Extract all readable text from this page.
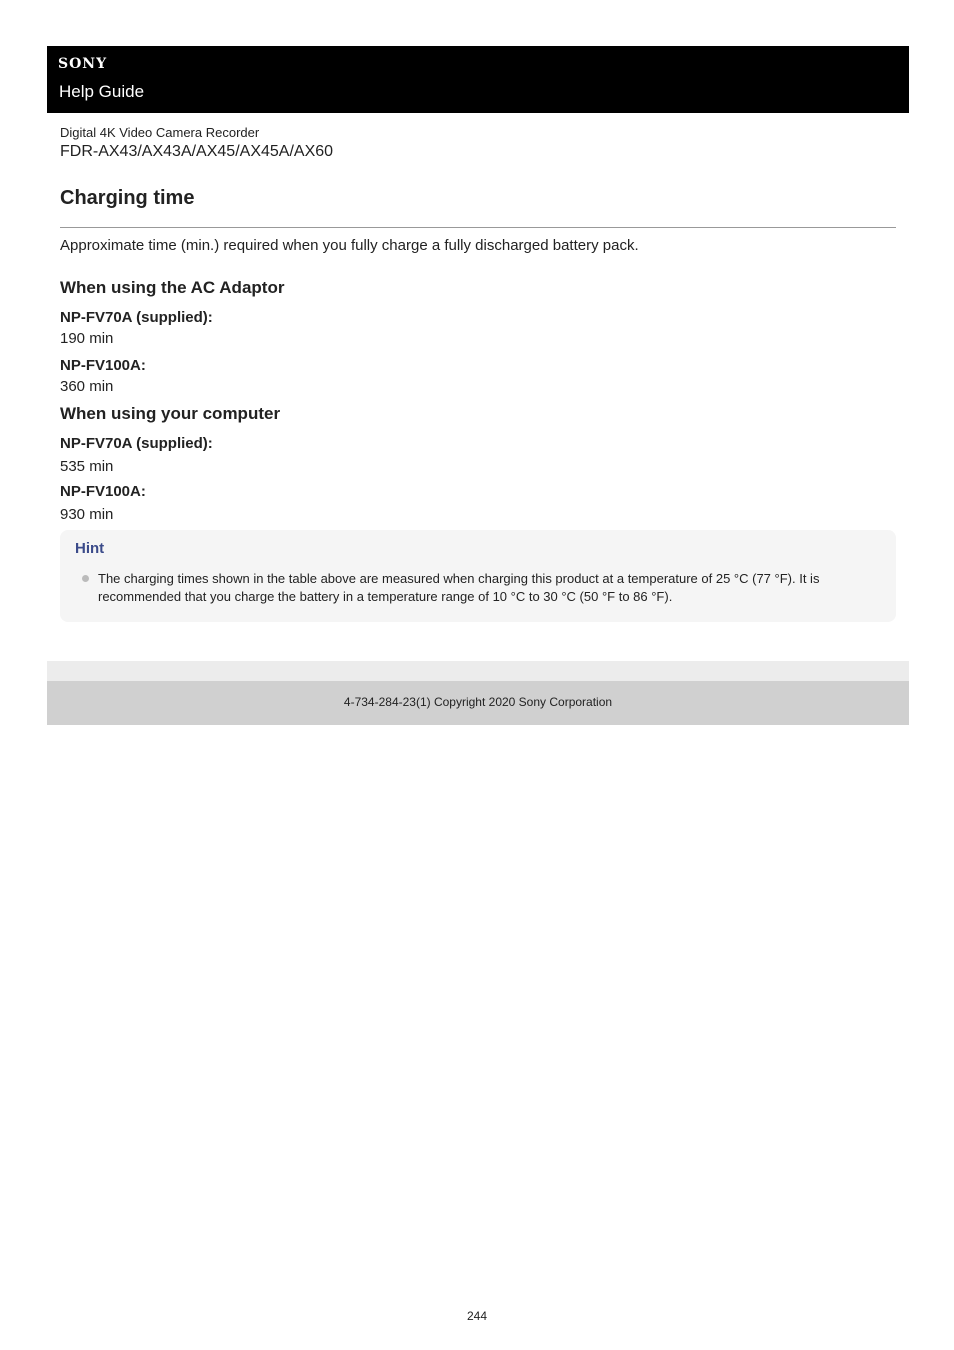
SONY
Help Guide
Digital 4K Video Camera Recorder
FDR-AX43/AX43A/AX45/AX45A/AX60
Charging time
Approximate time (min.) required when you fully charge a fully discharged battery pack.
When using the AC Adaptor
NP-FV70A (supplied):
190 min
NP-FV100A:
360 min
When using your computer
NP-FV70A (supplied):
535 min
NP-FV100A:
930 min
Hint
The charging times shown in the table above are measured when charging this product at a temperature of 25 °C (77 °F). It is recommended that you charge the battery in a temperature range of 10 °C to 30 °C (50 °F to 86 °F).
4-734-284-23(1) Copyright 2020 Sony Corporation
244
